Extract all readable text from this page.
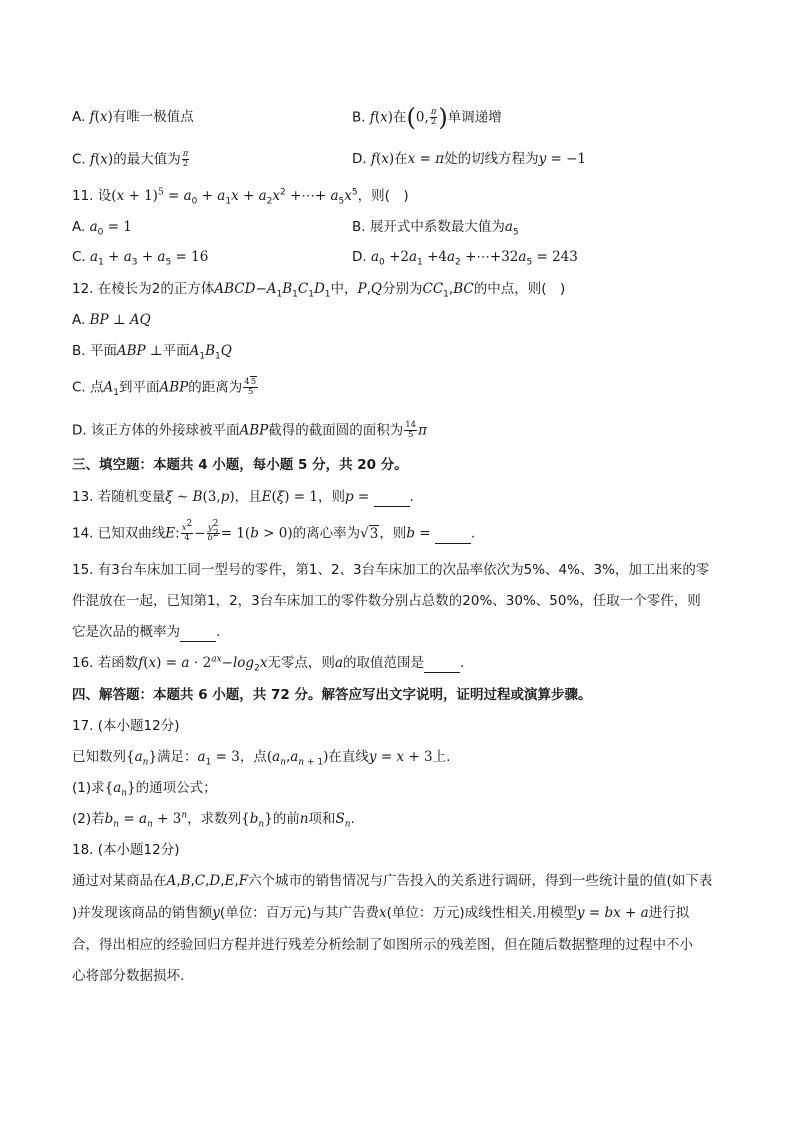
A. f(x)有唯一极值点	B. f(x)在(0, $\frac{\pi}{2}$ )单调递增
C. f(x)的最大值为 $\frac{\pi}{2}$	D. f(x)在x = π处的切线方程为y = −1
11. 设$(x + 1)^5 = a_0 + a_1x + a_2x^2$ +⋯+ $a_5x^5$，则(　)
A. $a_0 = 1$	B. 展开式中系数最大值为$a_5$
C. $a_1 + a_3 + a_5 = 16$	D. $a_0 +2a_1 +4a_2$ $+\cdots+32a_5 = 243$
12. 在棱长为2的正方体$ABCD-A_1B_1C_1D_1$中，P,Q分别为$CC_1,BC$的中点，则(　)
A. BP ⊥ AQ
B. 平面ABP ⊥平面$A_1B_1Q$
C. 点$A_1$到平面ABP的距离为 $\frac{45}{5}$
D. 该正方体的外接球被平面ABP截得的截面圆的面积为 $\frac{14}{5}$ π
三、填空题：本题共 4 小题，每小题 5 分，共 20 分。
13. 若随机变量ξ ∼ B(3,p)，且E(ξ) = 1，则p =	.
14. 已知双曲线E: $\frac{x^2}{4} - \frac{y^2}{b^2} = 1(b > 0)$的离心率为√3，则b =	.
15. 有3台车床加工同一型号的零件，第1、2、3台车床加工的次品率依次为5%、4%、3%，加工出来的零
件混放在一起，已知第1，2，3台车床加工的零件数分别占总数的20%、30%、50%，任取一个零件，则
它是次品的概率为	.
16. 若函数$f(x) = a \cdot 2^{ax}-\log_2x$无零点，则a的取值范围是	.
四、解答题：本题共 6 小题，共 72 分。解答应写出文字说明，证明过程或演算步骤。
17. (本小题12分)
已知数列$\{a_n\}$满足：$a_1 = 3$，点$(a_n,a_{n + 1})$在直线y = x + 3上.
(1)求$\{a_n\}$的通项公式；
(2)若$b_n = a_n + 3^n$，求数列$\{b_n\}$的前n项和$S_n$.
18. (本小题12分)
通过对某商品在A,B,C,D,E,F六个城市的销售情况与广告投入的关系进行调研，得到一些统计量的值(如下表
)并发现该商品的销售额y(单位：百万元)与其广告费x(单位：万元)成线性相关.用模型y = bx + a进行拟
合，得出相应的经验回归方程并进行残差分析绘制了如图所示的残差图，但在随后数据整理的过程中不小
心将部分数据损坏.
